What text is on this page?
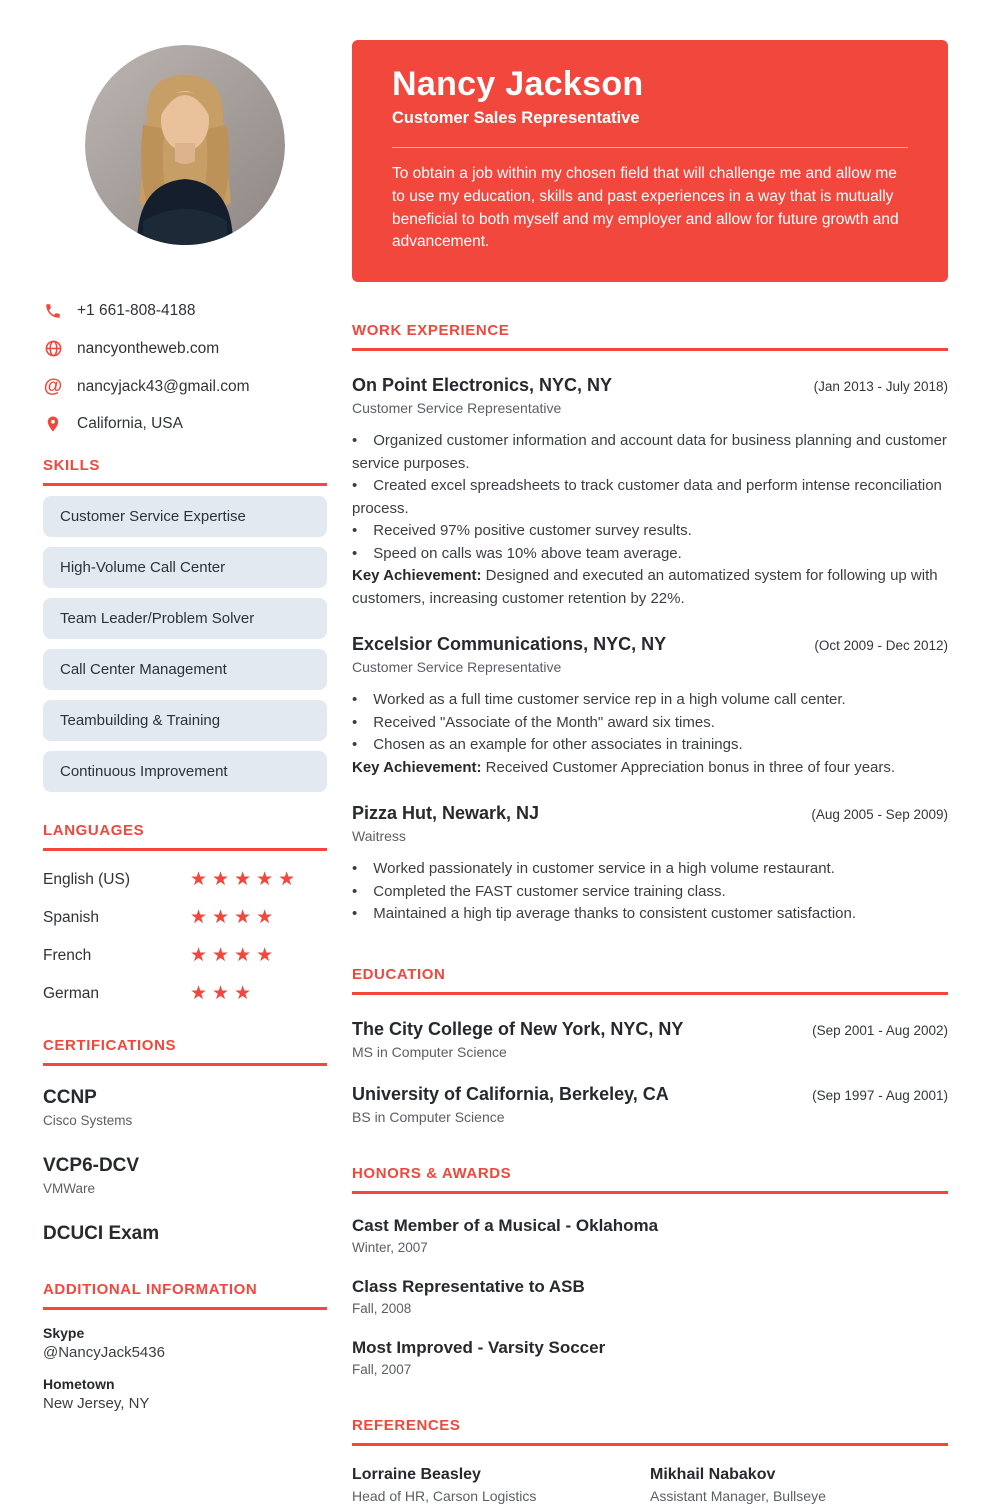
+1 661-808-4188
nancyontheweb.com
@ nancyjack43@gmail.com
California, USA
SKILLS
Customer Service Expertise
High-Volume Call Center
Team Leader/Problem Solver
Call Center Management
Teambuilding & Training
Continuous Improvement
LANGUAGES
English (US)	★★★★★
Spanish	★★★★
French	★★★★
German	★★★
CERTIFICATIONS
CCNP
Cisco Systems
VCP6-DCV
VMWare
DCUCI Exam
ADDITIONAL INFORMATION
Skype
@NancyJack5436
Hometown
New Jersey, NY
Nancy Jackson
Customer Sales Representative
To obtain a job within my chosen field that will challenge me and allow me to use my education, skills and past experiences in a way that is mutually beneficial to both myself and my employer and allow for future growth and advancement.
WORK EXPERIENCE
On Point Electronics, NYC, NY	(Jan 2013 - July 2018)
Customer Service Representative
• Organized customer information and account data for business planning and customer service purposes.
• Created excel spreadsheets to track customer data and perform intense reconciliation process.
• Received 97% positive customer survey results.
• Speed on calls was 10% above team average.
Key Achievement: Designed and executed an automatized system for following up with customers, increasing customer retention by 22%.
Excelsior Communications, NYC, NY	(Oct 2009 - Dec 2012)
Customer Service Representative
• Worked as a full time customer service rep in a high volume call center.
• Received "Associate of the Month" award six times.
• Chosen as an example for other associates in trainings.
Key Achievement: Received Customer Appreciation bonus in three of four years.
Pizza Hut, Newark, NJ	(Aug 2005 - Sep 2009)
Waitress
• Worked passionately in customer service in a high volume restaurant.
• Completed the FAST customer service training class.
• Maintained a high tip average thanks to consistent customer satisfaction.
EDUCATION
The City College of New York, NYC, NY	(Sep 2001 - Aug 2002)
MS in Computer Science
University of California, Berkeley, CA	(Sep 1997 - Aug 2001)
BS in Computer Science
HONORS & AWARDS
Cast Member of a Musical - Oklahoma
Winter, 2007
Class Representative to ASB
Fall, 2008
Most Improved - Varsity Soccer
Fall, 2007
REFERENCES
Lorraine Beasley
Head of HR, Carson Logistics
Mikhail Nabakov
Assistant Manager, Bullseye
